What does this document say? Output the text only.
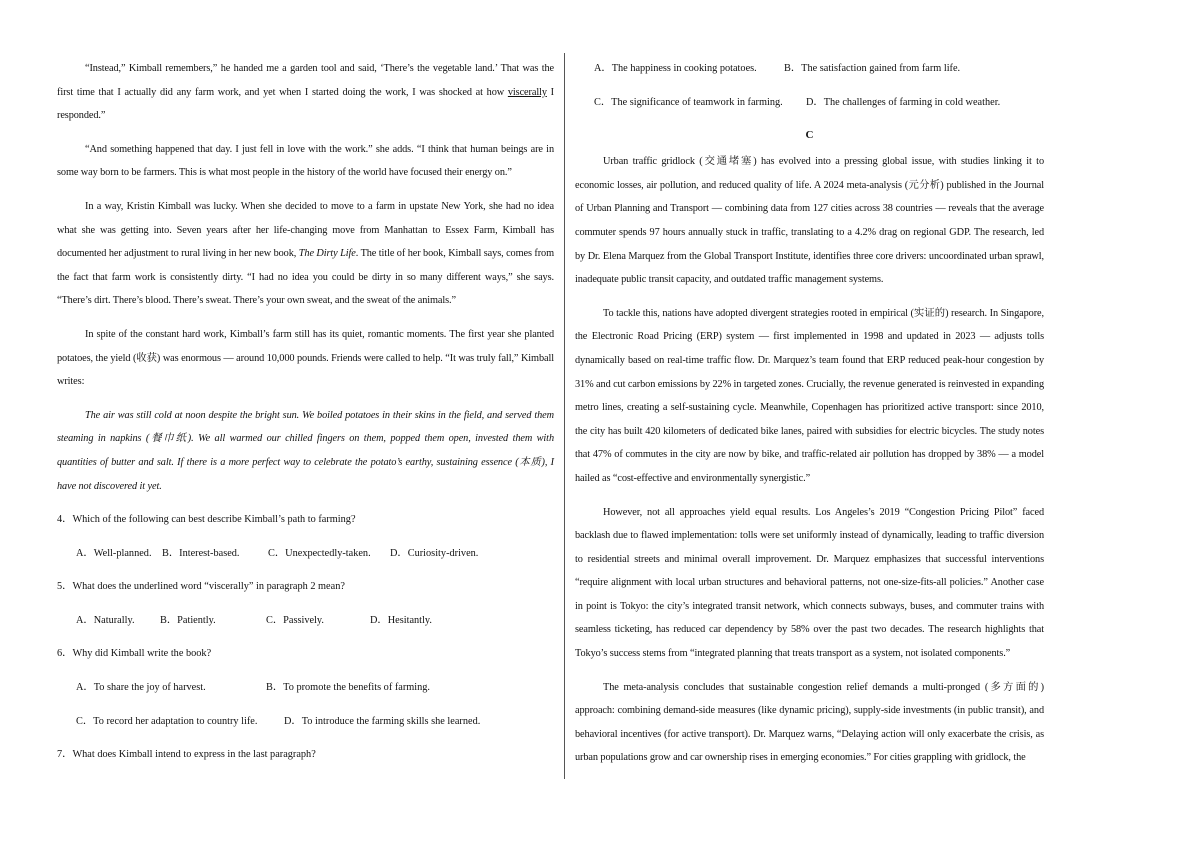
“Instead,” Kimball remembers,” he handed me a garden tool and said, ‘There’s the vegetable land.’ That was the first time that I actually did any farm work, and yet when I started doing the work, I was shocked at how viscerally I responded.”

“And something happened that day. I just fell in love with the work.” she adds. “I think that human beings are in some way born to be farmers. This is what most people in the history of the world have focused their energy on.”

In a way, Kristin Kimball was lucky. When she decided to move to a farm in upstate New York, she had no idea what she was getting into. Seven years after her life-changing move from Manhattan to Essex Farm, Kimball has documented her adjustment to rural living in her new book, The Dirty Life. The title of her book, Kimball says, comes from the fact that farm work is consistently dirty. “I had no idea you could be dirty in so many different ways,” she says. “There’s dirt. There’s blood. There’s sweat. There’s your own sweat, and the sweat of the animals.”

In spite of the constant hard work, Kimball’s farm still has its quiet, romantic moments. The first year she planted potatoes, the yield (收获) was enormous — around 10,000 pounds. Friends were called to help. “It was truly fall,” Kimball writes:

The air was still cold at noon despite the bright sun. We boiled potatoes in their skins in the field, and served them steaming in napkins (餐巾纸). We all warmed our chilled fingers on them, popped them open, invested them with quantities of butter and salt. If there is a more perfect way to celebrate the potato’s earthy, sustaining essence (本质), I have not discovered it yet.

4．Which of the following can best describe Kimball’s path to farming?
A．Well-planned.	B．Interest-based.	C．Unexpectedly-taken.	D．Curiosity-driven.
5．What does the underlined word “viscerally” in paragraph 2 mean?
A．Naturally.	B．Patiently.	C．Passively.	D．Hesitantly.
6．Why did Kimball write the book?
A．To share the joy of harvest.	B．To promote the benefits of farming.
C．To record her adaptation to country life.	D．To introduce the farming skills she learned.
7．What does Kimball intend to express in the last paragraph?
A．The happiness in cooking potatoes.	B．The satisfaction gained from farm life.
C．The significance of teamwork in farming.	D．The challenges of farming in cold weather.
C

Urban traffic gridlock (交通堵塞) has evolved into a pressing global issue, with studies linking it to economic losses, air pollution, and reduced quality of life. A 2024 meta-analysis (元分析) published in the Journal of Urban Planning and Transport — combining data from 127 cities across 38 countries — reveals that the average commuter spends 97 hours annually stuck in traffic, translating to a 4.2% drag on regional GDP. The research, led by Dr. Elena Marquez from the Global Transport Institute, identifies three core drivers: uncoordinated urban sprawl, inadequate public transit capacity, and outdated traffic management systems.

To tackle this, nations have adopted divergent strategies rooted in empirical (实证的) research. In Singapore, the Electronic Road Pricing (ERP) system — first implemented in 1998 and updated in 2023 — adjusts tolls dynamically based on real-time traffic flow. Dr. Marquez’s team found that ERP reduced peak-hour congestion by 31% and cut carbon emissions by 22% in targeted zones. Crucially, the revenue generated is reinvested in expanding metro lines, creating a self-sustaining cycle. Meanwhile, Copenhagen has prioritized active transport: since 2010, the city has built 420 kilometers of dedicated bike lanes, paired with subsidies for electric bicycles. The study notes that 47% of commutes in the city are now by bike, and traffic-related air pollution has dropped by 38% — a model hailed as “cost-effective and environmentally synergistic.”

However, not all approaches yield equal results. Los Angeles’s 2019 “Congestion Pricing Pilot” faced backlash due to flawed implementation: tolls were set uniformly instead of dynamically, leading to traffic diversion to residential streets and minimal overall improvement. Dr. Marquez emphasizes that successful interventions “require alignment with local urban structures and behavioral patterns, not one-size-fits-all policies.” Another case in point is Tokyo: the city’s integrated transit network, which connects subways, buses, and commuter trains with seamless ticketing, has reduced car dependency by 58% over the past two decades. The research highlights that Tokyo’s success stems from “integrated planning that treats transport as a system, not isolated components.”

The meta-analysis concludes that sustainable congestion relief demands a multi-pronged (多方面的) approach: combining demand-side measures (like dynamic pricing), supply-side investments (in public transit), and behavioral incentives (for active transport). Dr. Marquez warns, “Delaying action will only exacerbate the crisis, as urban populations grow and car ownership rises in emerging economies.” For cities grappling with gridlock, the
